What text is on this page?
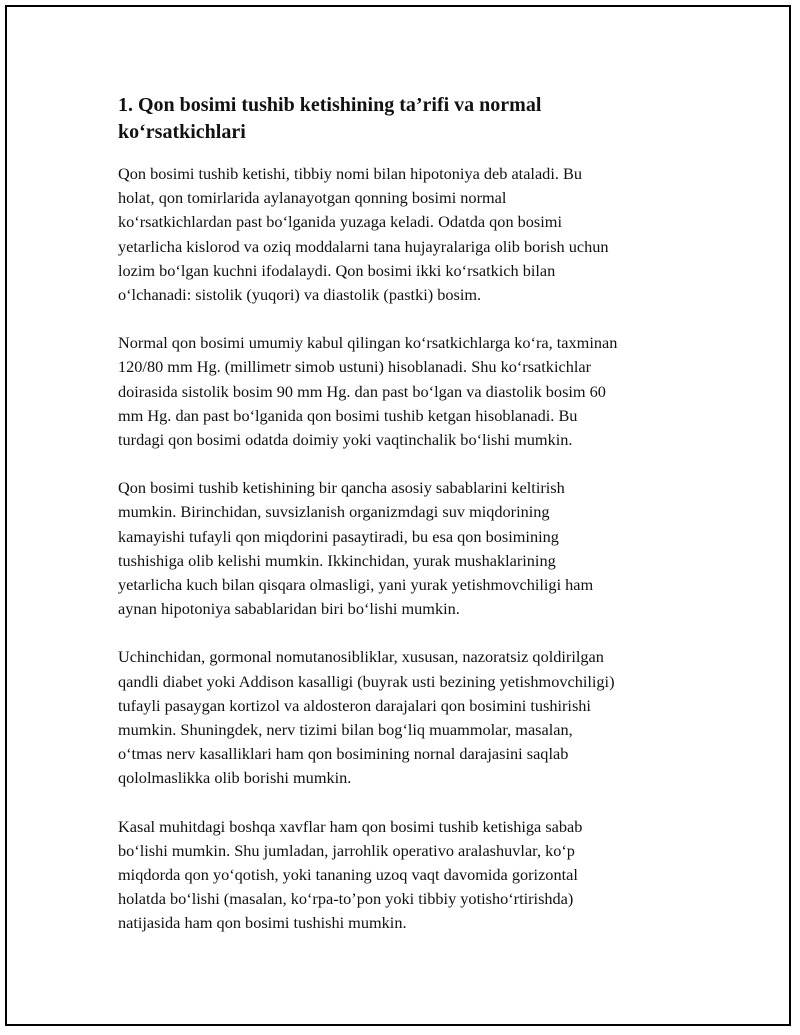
1. Qon bosimi tushib ketishining ta’rifi va normal
ko‘rsatkichlari

Qon bosimi tushib ketishi, tibbiy nomi bilan hipotoniya deb ataladi. Bu
holat, qon tomirlarida aylanayotgan qonning bosimi normal
ko‘rsatkichlardan past bo‘lganida yuzaga keladi. Odatda qon bosimi
yetarlicha kislorod va oziq moddalarni tana hujayralariga olib borish uchun
lozim bo‘lgan kuchni ifodalaydi. Qon bosimi ikki ko‘rsatkich bilan
o‘lchanadi: sistolik (yuqori) va diastolik (pastki) bosim.

Normal qon bosimi umumiy kabul qilingan ko‘rsatkichlarga ko‘ra, taxminan
120/80 mm Hg. (millimetr simob ustuni) hisoblanadi. Shu ko‘rsatkichlar
doirasida sistolik bosim 90 mm Hg. dan past bo‘lgan va diastolik bosim 60
mm Hg. dan past bo‘lganida qon bosimi tushib ketgan hisoblanadi. Bu
turdagi qon bosimi odatda doimiy yoki vaqtinchalik bo‘lishi mumkin.

Qon bosimi tushib ketishining bir qancha asosiy sabablarini keltirish
mumkin. Birinchidan, suvsizlanish organizmdagi suv miqdorining
kamayishi tufayli qon miqdorini pasaytiradi, bu esa qon bosimining
tushishiga olib kelishi mumkin. Ikkinchidan, yurak mushaklarining
yetarlicha kuch bilan qisqara olmasligi, yani yurak yetishmovchiligi ham
aynan hipotoniya sabablaridan biri bo‘lishi mumkin.

Uchinchidan, gormonal nomutanosibliklar, xususan, nazoratsiz qoldirilgan
qandli diabet yoki Addison kasalligi (buyrak usti bezining yetishmovchiligi)
tufayli pasaygan kortizol va aldosteron darajalari qon bosimini tushirishi
mumkin. Shuningdek, nerv tizimi bilan bog‘liq muammolar, masalan,
o‘tmas nerv kasalliklari ham qon bosimining nornal darajasini saqlab
qololmaslikka olib borishi mumkin.

Kasal muhitdagi boshqa xavflar ham qon bosimi tushib ketishiga sabab
bo‘lishi mumkin. Shu jumladan, jarrohlik operativo aralashuvlar, ko‘p
miqdorda qon yo‘qotish, yoki tananing uzoq vaqt davomida gorizontal
holatda bo‘lishi (masalan, ko‘rpa-to’pon yoki tibbiy yotisho‘rtirishda)
natijasida ham qon bosimi tushishi mumkin.
